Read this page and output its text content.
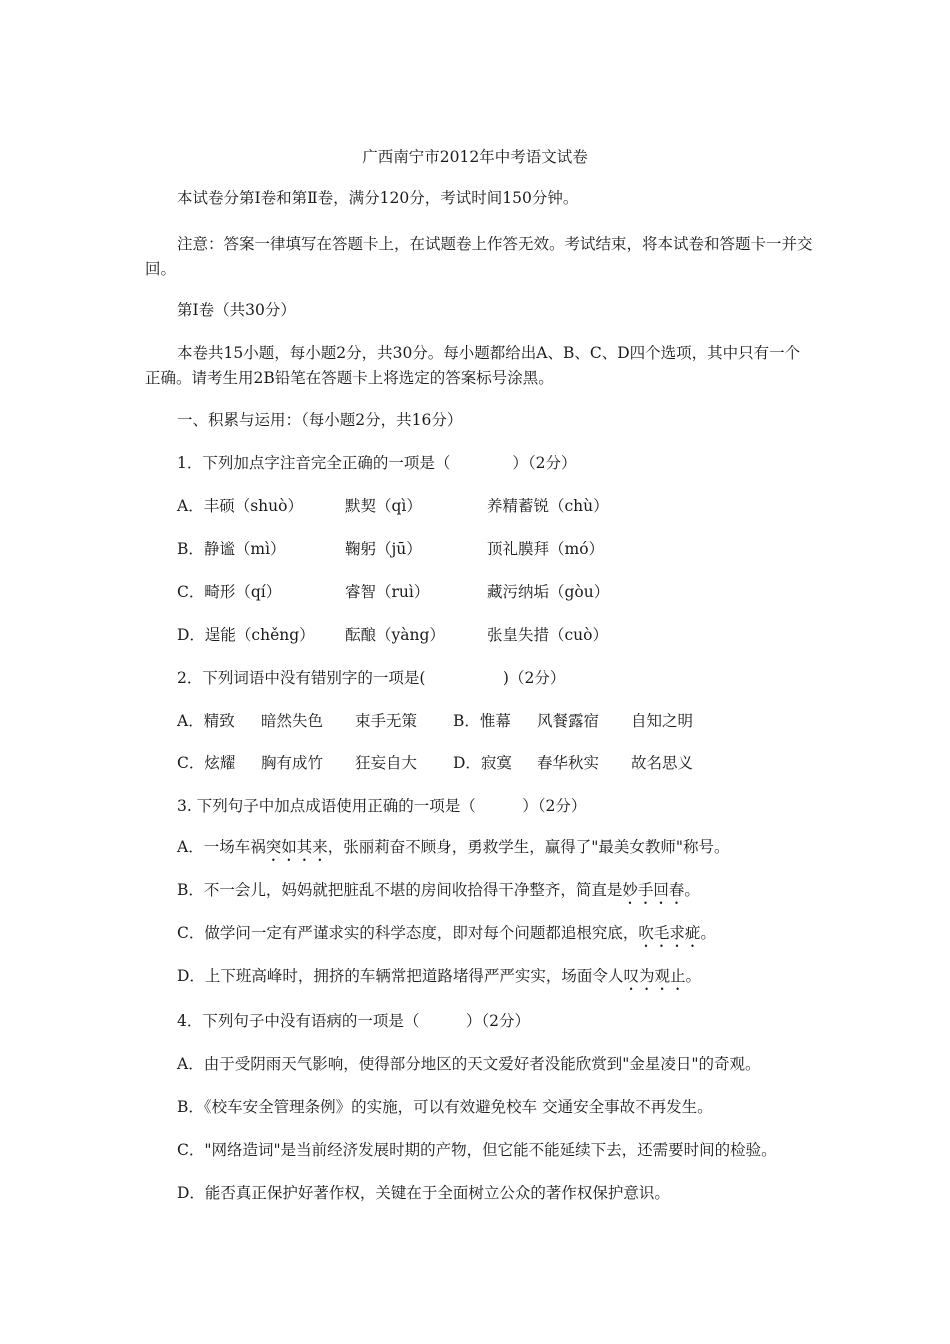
广西南宁市2012年中考语文试卷
本试卷分第Ⅰ卷和第Ⅱ卷，满分120分，考试时间150分钟。
注意：答案一律填写在答题卡上，在试题卷上作答无效。考试结束，将本试卷和答题卡一并交回。
第Ⅰ卷（共30分）
本卷共15小题，每小题2分，共30分。每小题都给出A、B、C、D四个选项，其中只有一个正确。请考生用2B铅笔在答题卡上将选定的答案标号涂黑。
一、积累与运用：（每小题2分，共16分）
1．下列加点字注音完全正确的一项是（　　　　）（2分）
A．丰硕（shuò）	默契（qì）	养精蓄锐（chù）
B．静谧（mì）	鞠躬（jū）	顶礼膜拜（mó）
C．畸形（qí）	睿智（ruì）	藏污纳垢（gòu）
D．逞能（chěng） 酝酿（yàng）	张皇失措（cuò）
2．下列词语中没有错别字的一项是(　　　　　)（2分）
A．精致 暗然失色 束手无策 B．惟幕 风餐露宿 自知之明
C．炫耀 胸有成竹 狂妄自大 D．寂寞 春华秋实 故名思义
3. 下列句子中加点成语使用正确的一项是（　　　）（2分）
A．一场车祸突如其来，张丽莉奋不顾身，勇救学生，赢得了"最美女教师"称号。
B．不一会儿，妈妈就把脏乱不堪的房间收拾得干净整齐，简直是妙手回春。
C．做学问一定有严谨求实的科学态度，即对每个问题都追根究底，吹毛求疵。
D．上下班高峰时，拥挤的车辆常把道路堵得严严实实，场面令人叹为观止。
4．下列句子中没有语病的一项是（　　　）（2分）
A．由于受阴雨天气影响，使得部分地区的天文爱好者没能欣赏到"金星凌日"的奇观。
B．《校车安全管理条例》的实施，可以有效避免校车 交通安全事故不再发生。
C．"网络造词"是当前经济发展时期的产物，但它能不能延续下去，还需要时间的检验。
D．能否真正保护好著作权，关键在于全面树立公众的著作权保护意识。
